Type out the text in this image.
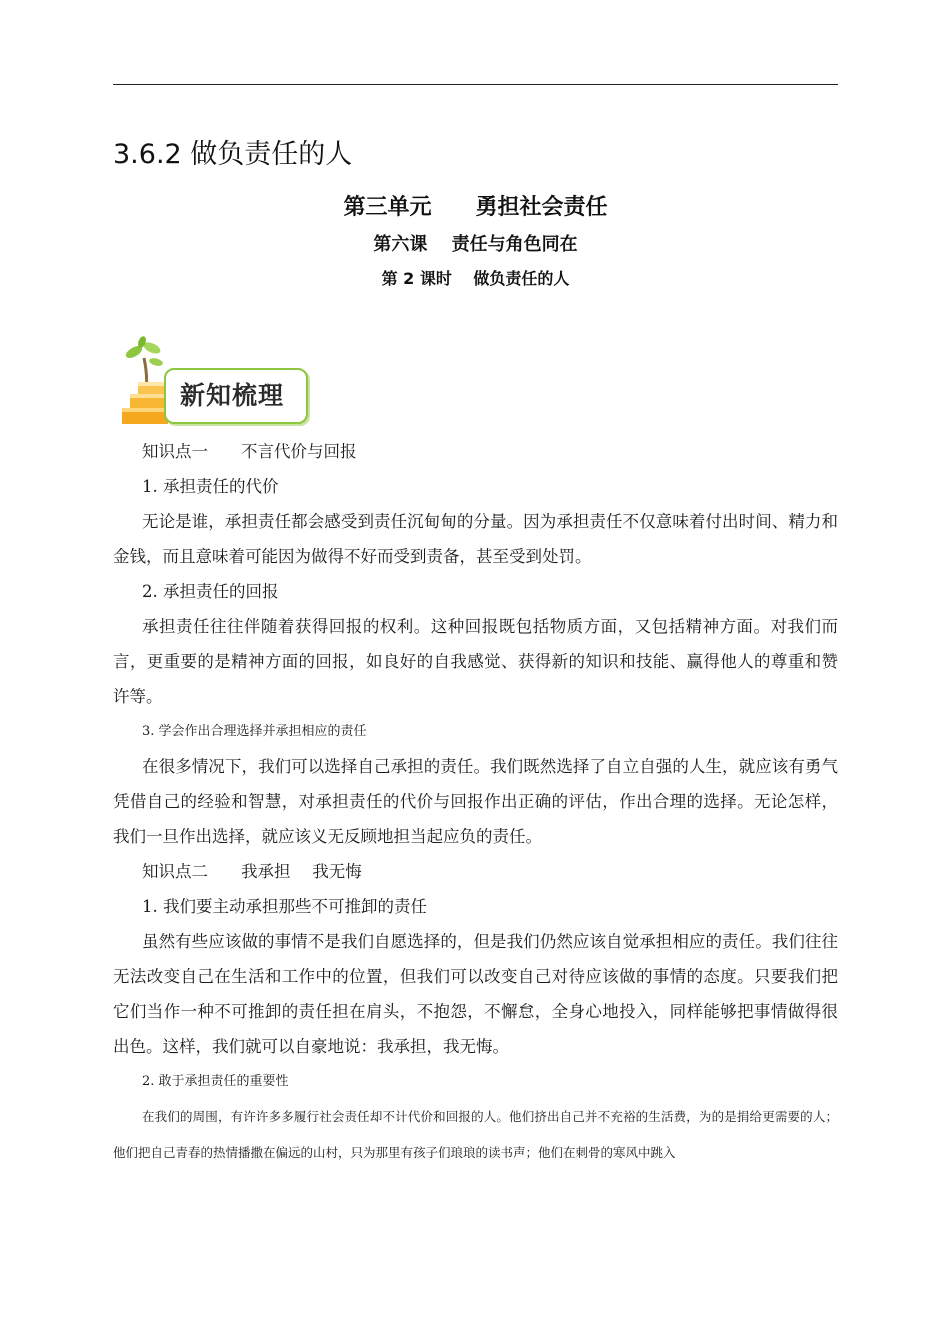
3.6.2 做负责任的人
第三单元　　勇担社会责任
第六课　 责任与角色同在
第 2 课时　 做负责任的人
新知梳理

知识点一　　不言代价与回报

1. 承担责任的代价

无论是谁，承担责任都会感受到责任沉甸甸的分量。因为承担责任不仅意味着付出时间、精力和金钱，而且意味着可能因为做得不好而受到责备，甚至受到处罚。

2. 承担责任的回报

承担责任往往伴随着获得回报的权利。这种回报既包括物质方面，又包括精神方面。对我们而言，更重要的是精神方面的回报，如良好的自我感觉、获得新的知识和技能、赢得他人的尊重和赞许等。

3. 学会作出合理选择并承担相应的责任

在很多情况下，我们可以选择自己承担的责任。我们既然选择了自立自强的人生，就应该有勇气凭借自己的经验和智慧，对承担责任的代价与回报作出正确的评估，作出合理的选择。无论怎样，我们一旦作出选择，就应该义无反顾地担当起应负的责任。

知识点二　　我承担　 我无悔

1. 我们要主动承担那些不可推卸的责任

虽然有些应该做的事情不是我们自愿选择的，但是我们仍然应该自觉承担相应的责任。我们往往无法改变自己在生活和工作中的位置，但我们可以改变自己对待应该做的事情的态度。只要我们把它们当作一种不可推卸的责任担在肩头，不抱怨，不懈怠，全身心地投入，同样能够把事情做得很出色。这样，我们就可以自豪地说：我承担，我无悔。

2. 敢于承担责任的重要性

在我们的周围，有许许多多履行社会责任却不计代价和回报的人。他们挤出自己并不充裕的生活费，为的是捐给更需要的人；他们把自己青春的热情播撒在偏远的山村，只为那里有孩子们琅琅的读书声；他们在刺骨的寒风中跳入
